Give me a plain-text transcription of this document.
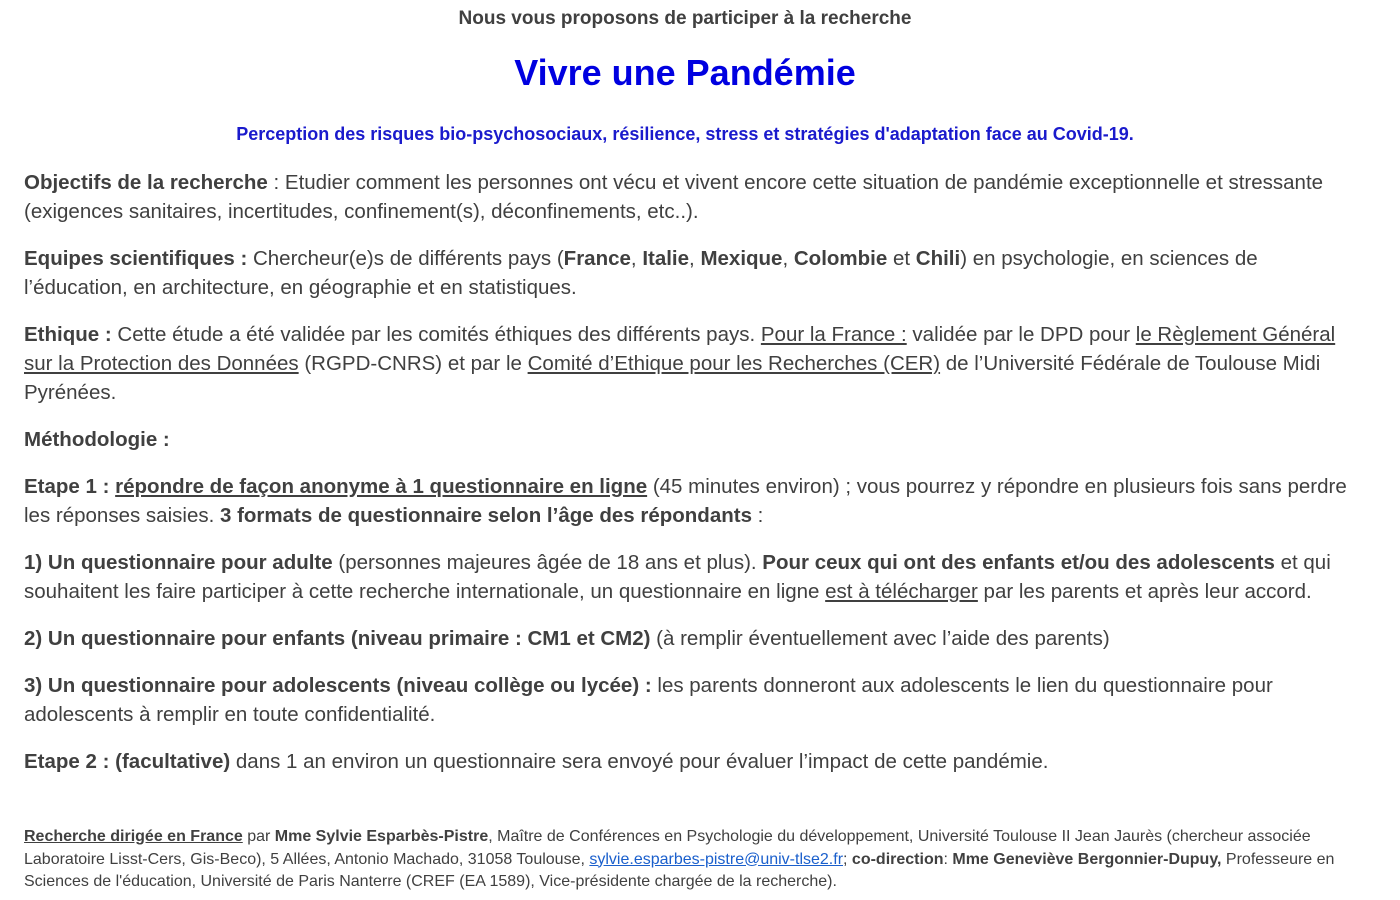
Nous vous proposons de participer à la recherche
Vivre une Pandémie
Perception des risques bio-psychosociaux, résilience, stress et stratégies d'adaptation face au Covid-19.

Objectifs de la recherche : Etudier comment les personnes ont vécu et vivent encore cette situation de pandémie exceptionnelle et stressante (exigences sanitaires, incertitudes, confinement(s), déconfinements, etc..).

Equipes scientifiques : Chercheur(e)s de différents pays (France, Italie, Mexique, Colombie et Chili) en psychologie, en sciences de l’éducation, en architecture, en géographie et en statistiques.

Ethique : Cette étude a été validée par les comités éthiques des différents pays. Pour la France : validée par le DPD pour le Règlement Général sur la Protection des Données (RGPD-CNRS) et par le Comité d’Ethique pour les Recherches (CER) de l’Université Fédérale de Toulouse Midi Pyrénées.

Méthodologie :

Etape 1 : répondre de façon anonyme à 1 questionnaire en ligne (45 minutes environ) ; vous pourrez y répondre en plusieurs fois sans perdre les réponses saisies. 3 formats de questionnaire selon l’âge des répondants :

1) Un questionnaire pour adulte (personnes majeures âgée de 18 ans et plus). Pour ceux qui ont des enfants et/ou des adolescents et qui souhaitent les faire participer à cette recherche internationale, un questionnaire en ligne est à télécharger par les parents et après leur accord.

2) Un questionnaire pour enfants (niveau primaire : CM1 et CM2) (à remplir éventuellement avec l’aide des parents)

3) Un questionnaire pour adolescents (niveau collège ou lycée) : les parents donneront aux adolescents le lien du questionnaire pour adolescents à remplir en toute confidentialité.

Etape 2 : (facultative) dans 1 an environ un questionnaire sera envoyé pour évaluer l’impact de cette pandémie.

Recherche dirigée en France par Mme Sylvie Esparbès-Pistre, Maître de Conférences en Psychologie du développement, Université Toulouse II Jean Jaurès (chercheur associée Laboratoire Lisst-Cers, Gis-Beco), 5 Allées, Antonio Machado, 31058 Toulouse, sylvie.esparbes-pistre@univ-tlse2.fr; co-direction: Mme Geneviève Bergonnier-Dupuy, Professeure en Sciences de l'éducation, Université de Paris Nanterre (CREF (EA 1589), Vice-présidente chargée de la recherche).
